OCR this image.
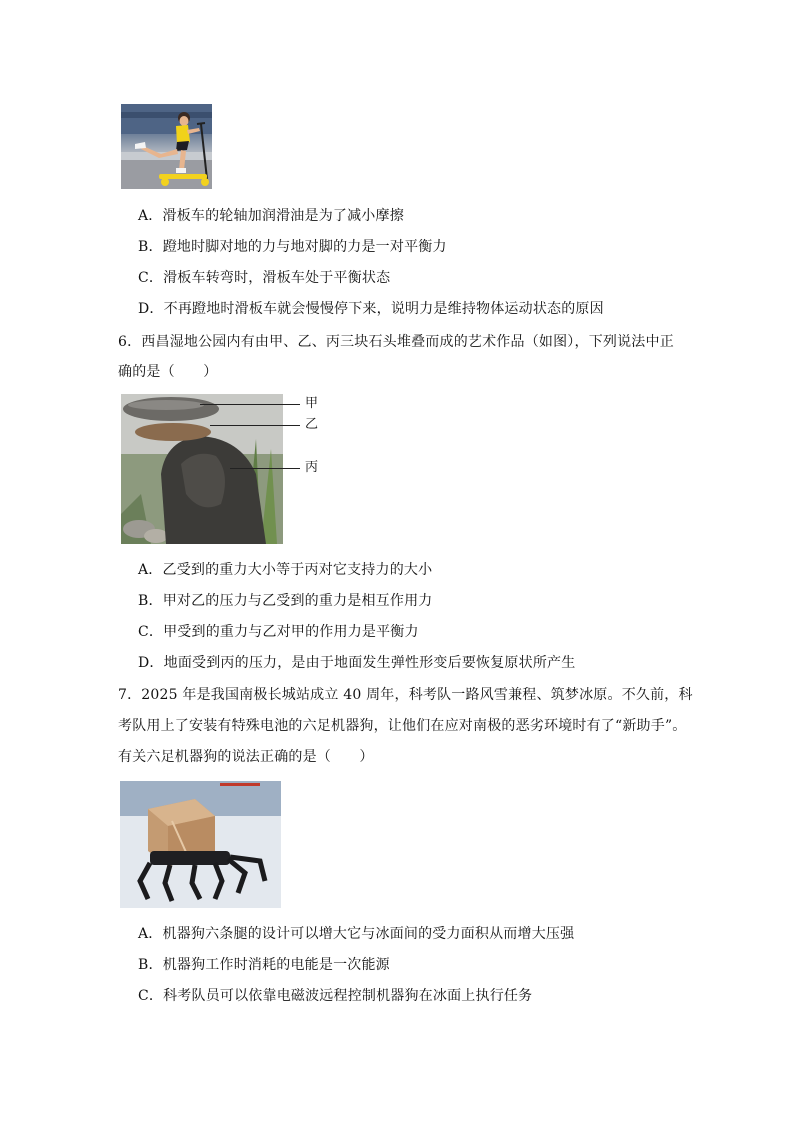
A．滑板车的轮轴加润滑油是为了减小摩擦
B．蹬地时脚对地的力与地对脚的力是一对平衡力
C．滑板车转弯时，滑板车处于平衡状态
D．不再蹬地时滑板车就会慢慢停下来，说明力是维持物体运动状态的原因
6．西昌湿地公园内有由甲、乙、丙三块石头堆叠而成的艺术作品（如图），下列说法中正
确的是（　　）
甲
乙
丙
A．乙受到的重力大小等于丙对它支持力的大小
B．甲对乙的压力与乙受到的重力是相互作用力
C．甲受到的重力与乙对甲的作用力是平衡力
D．地面受到丙的压力，是由于地面发生弹性形变后要恢复原状所产生
7．2025 年是我国南极长城站成立 40 周年，科考队一路风雪兼程、筑梦冰原。不久前，科
考队用上了安装有特殊电池的六足机器狗，让他们在应对南极的恶劣环境时有了“新助手”。
有关六足机器狗的说法正确的是（　　）
A．机器狗六条腿的设计可以增大它与冰面间的受力面积从而增大压强
B．机器狗工作时消耗的电能是一次能源
C．科考队员可以依靠电磁波远程控制机器狗在冰面上执行任务
